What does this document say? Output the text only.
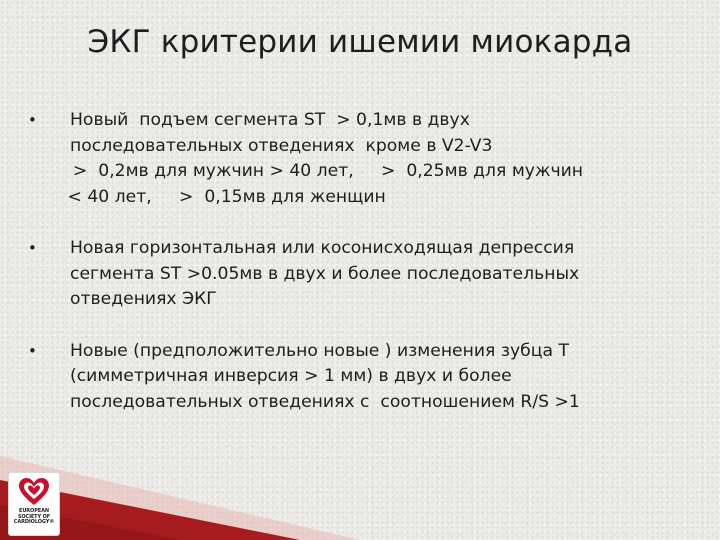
ЭКГ критерии ишемии миокарда
• Новый  подъем сегмента ST  > 0,1мв в двух
последовательных отведениях  кроме в V2-V3
>  0,2мв для мужчин > 40 лет,     >  0,25мв для мужчин
< 40 лет,     >  0,15мв для женщин
• Новая горизонтальная или косонисходящая депрессия
сегмента ST >0.05мв в двух и более последовательных
отведениях ЭКГ
• Новые (предположительно новые ) изменения зубца Т
(симметричная инверсия > 1 мм) в двух и более
последовательных отведениях с  соотношением R/S >1
EUROPEAN
SOCIETY OF
CARDIOLOGY®
